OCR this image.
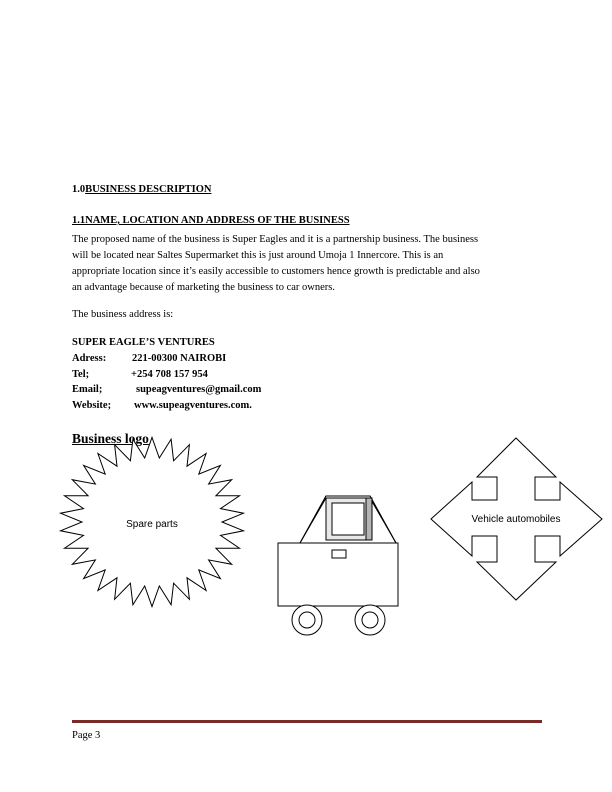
1.0BUSINESS DESCRIPTION
1.1NAME, LOCATION AND ADDRESS OF THE BUSINESS
The proposed name of the business is Super Eagles and it is a partnership business. The business
will be located near Saltes Supermarket this is just around Umoja 1 Innercore. This is an
appropriate location since it’s easily accessible to customers hence growth is predictable and also
an advantage because of marketing the business to car owners.
The business address is:
SUPER EAGLE’S VENTURES
Adress: 221-00300 NAIROBI
Tel;	+254 708 157 954
Email;	supeagventures@gmail.com
Website; www.supeagventures.com.
Business logo
Spare parts	Vehicle automobiles
Page 3
